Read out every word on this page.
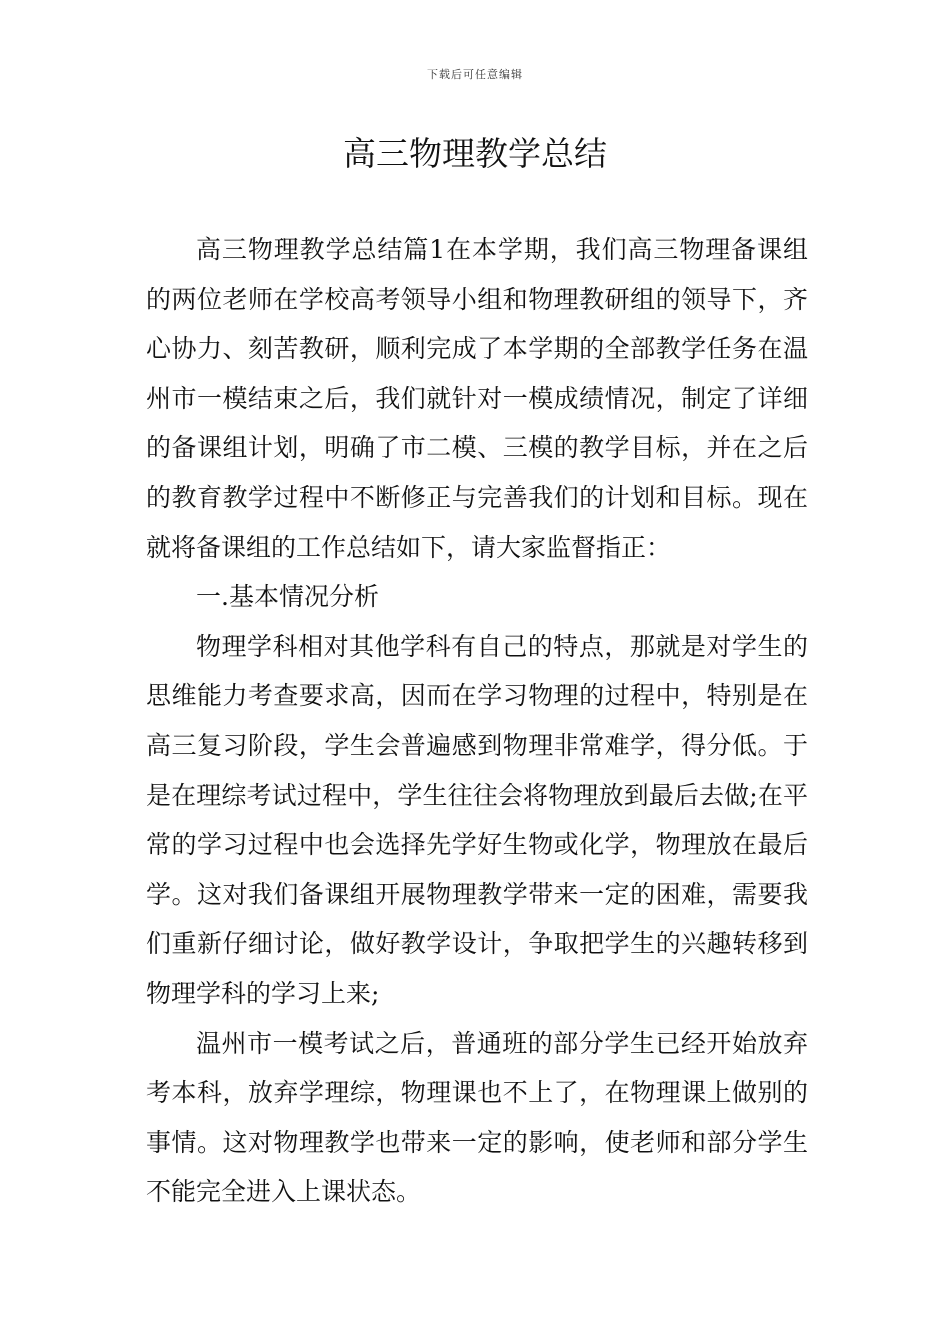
下载后可任意编辑
高三物理教学总结

高三物理教学总结篇1在本学期，我们高三物理备课组的两位老师在学校高考领导小组和物理教研组的领导下，齐心协力、刻苦教研，顺利完成了本学期的全部教学任务在温州市一模结束之后，我们就针对一模成绩情况，制定了详细的备课组计划，明确了市二模、三模的教学目标，并在之后的教育教学过程中不断修正与完善我们的计划和目标。现在就将备课组的工作总结如下，请大家监督指正：

一.基本情况分析

物理学科相对其他学科有自己的特点，那就是对学生的思维能力考查要求高，因而在学习物理的过程中，特别是在高三复习阶段，学生会普遍感到物理非常难学，得分低。于是在理综考试过程中，学生往往会将物理放到最后去做;在平常的学习过程中也会选择先学好生物或化学，物理放在最后学。这对我们备课组开展物理教学带来一定的困难，需要我们重新仔细讨论，做好教学设计，争取把学生的兴趣转移到物理学科的学习上来;

温州市一模考试之后，普通班的部分学生已经开始放弃考本科，放弃学理综，物理课也不上了，在物理课上做别的事情。这对物理教学也带来一定的影响，使老师和部分学生不能完全进入上课状态。
